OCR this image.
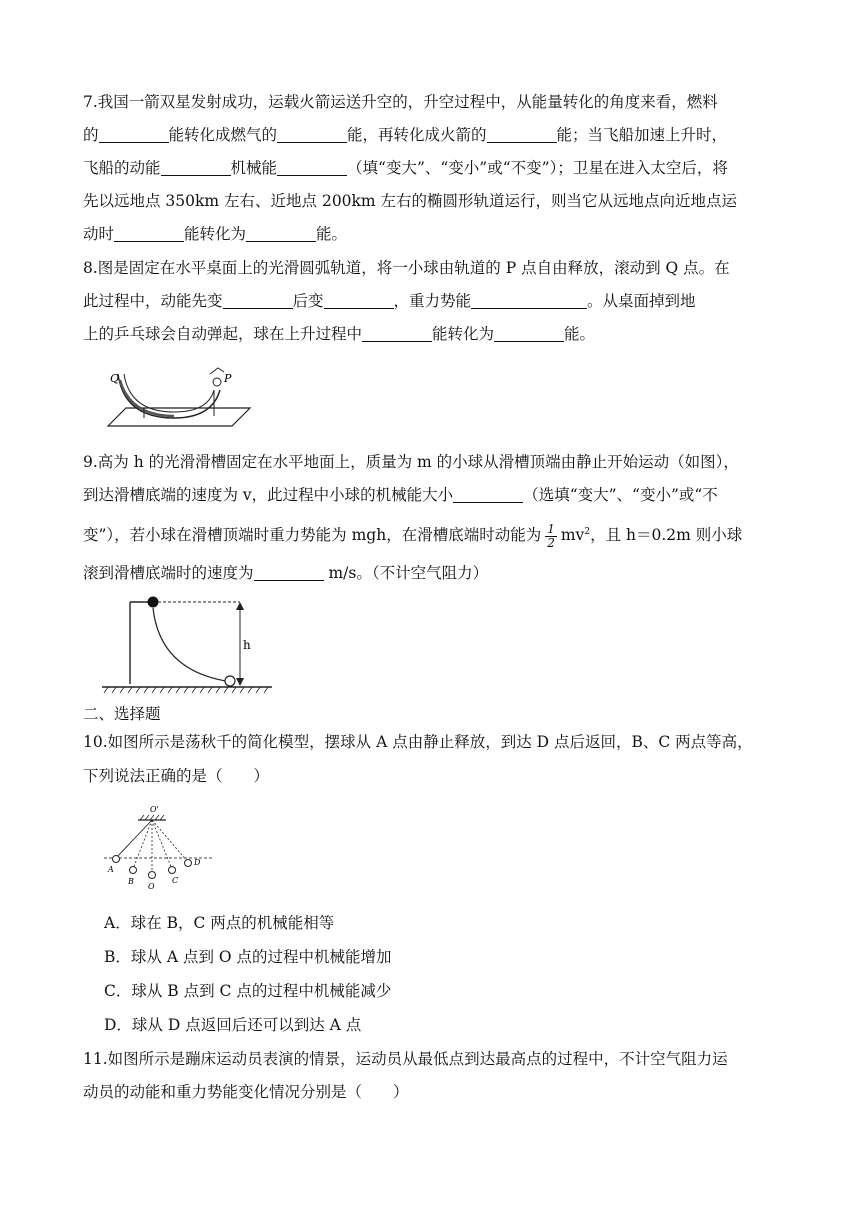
7.我国一箭双星发射成功，运载火箭运送升空的，升空过程中，从能量转化的角度来看，燃料
的	能转化成燃气的	能，再转化成火箭的	能；当飞船加速上升时，
飞船的动能	机械能	（填“变大”、“变小”或“不变”）；卫星在进入太空后，将
先以远地点 350km 左右、近地点 200km 左右的椭圆形轨道运行，则当它从远地点向近地点运
动时	能转化为	能。
8.图是固定在水平桌面上的光滑圆弧轨道，将一小球由轨道的 P 点自由释放，滚动到 Q 点。在
此过程中，动能先变	后变	，重力势能	。从桌面掉到地
上的乒乓球会自动弹起，球在上升过程中	能转化为	能。
Q	P
9.高为 h 的光滑滑槽固定在水平地面上，质量为 m 的小球从滑槽顶端由静止开始运动（如图），
到达滑槽底端的速度为 v，此过程中小球的机械能大小	（选填“变大”、“变小”或“不
变”），若小球在滑槽顶端时重力势能为 mgh，在滑槽底端时动能为 $\frac{1}{2} mv^2$，且 h＝0.2m 则小球
滚到滑槽底端时的速度为	m/s。（不计空气阻力）
h
二、选择题
10.如图所示是荡秋千的简化模型，摆球从 A 点由静止释放，到达 D 点后返回，B、C 两点等高，
下列说法正确的是（　　）
O'
A
B
O
C
D
A．球在 B，C 两点的机械能相等
B．球从 A 点到 O 点的过程中机械能增加
C．球从 B 点到 C 点的过程中机械能减少
D．球从 D 点返回后还可以到达 A 点
11.如图所示是蹦床运动员表演的情景，运动员从最低点到达最高点的过程中，不计空气阻力运
动员的动能和重力势能变化情况分别是（　　）
